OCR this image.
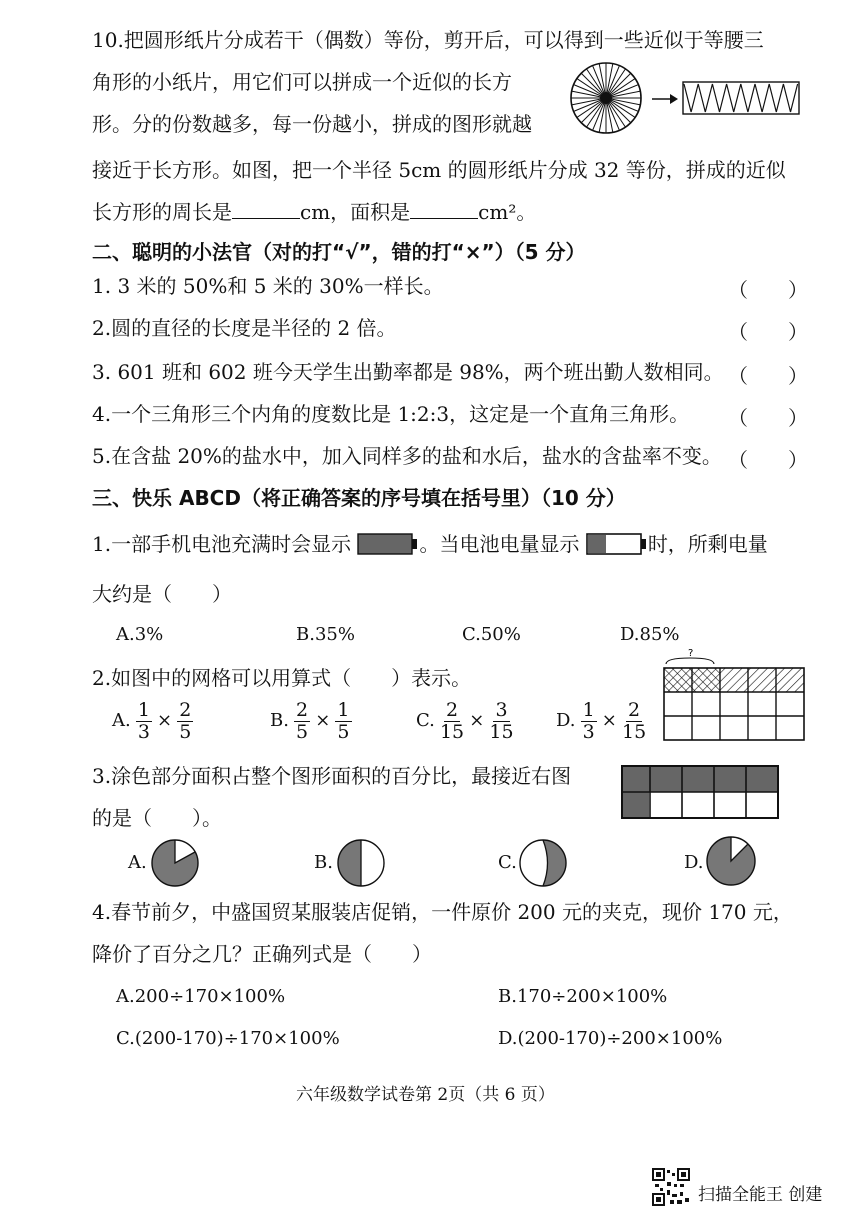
10.把圆形纸片分成若干（偶数）等份，剪开后，可以得到一些近似于等腰三
角形的小纸片，用它们可以拼成一个近似的长方
形。分的份数越多，每一份越小，拼成的图形就越
接近于长方形。如图，把一个半径 5cm 的圆形纸片分成 32 等份，拼成的近似
长方形的周长是	cm，面积是	cm²。
二、聪明的小法官（对的打“√”，错的打“×”）（5 分）
1. 3 米的 50%和 5 米的 30%一样长。	（　　）
2.圆的直径的长度是半径的 2 倍。	（　　）
3. 601 班和 602 班今天学生出勤率都是 98%，两个班出勤人数相同。 （　　）
4.一个三角形三个内角的度数比是 1:2:3，这定是一个直角三角形。 （　　）
5.在含盐 20%的盐水中，加入同样多的盐和水后，盐水的含盐率不变。 （　　）
三、快乐 ABCD（将正确答案的序号填在括号里）（10 分）
1.一部手机电池充满时会显示	。当电池电量显示	时，所剩电量
大约是（　　）
A.3%	B.35%	C.50%	D.85%
2.如图中的网格可以用算式（　　）表示。
?
A. $\frac{1}{3} \times \frac{2}{5}$	B. $\frac{2}{5} \times \frac{1}{5}$	C. $\frac{2}{15} \times \frac{3}{15} D$. $\frac{1}{3} \times \frac{2}{15}$
3.涂色部分面积占整个图形面积的百分比，最接近右图
的是（　　）。
A.	B.	C.	D.
4.春节前夕，中盛国贸某服装店促销，一件原价 200 元的夹克，现价 170 元，
降价了百分之几？正确列式是（　　）
A.200÷170×100%	B.170÷200×100%
C.(200-170)÷170×100%	D.(200-170)÷200×100%
六年级数学试卷第 2页（共 6 页）
扫描全能王 创建
